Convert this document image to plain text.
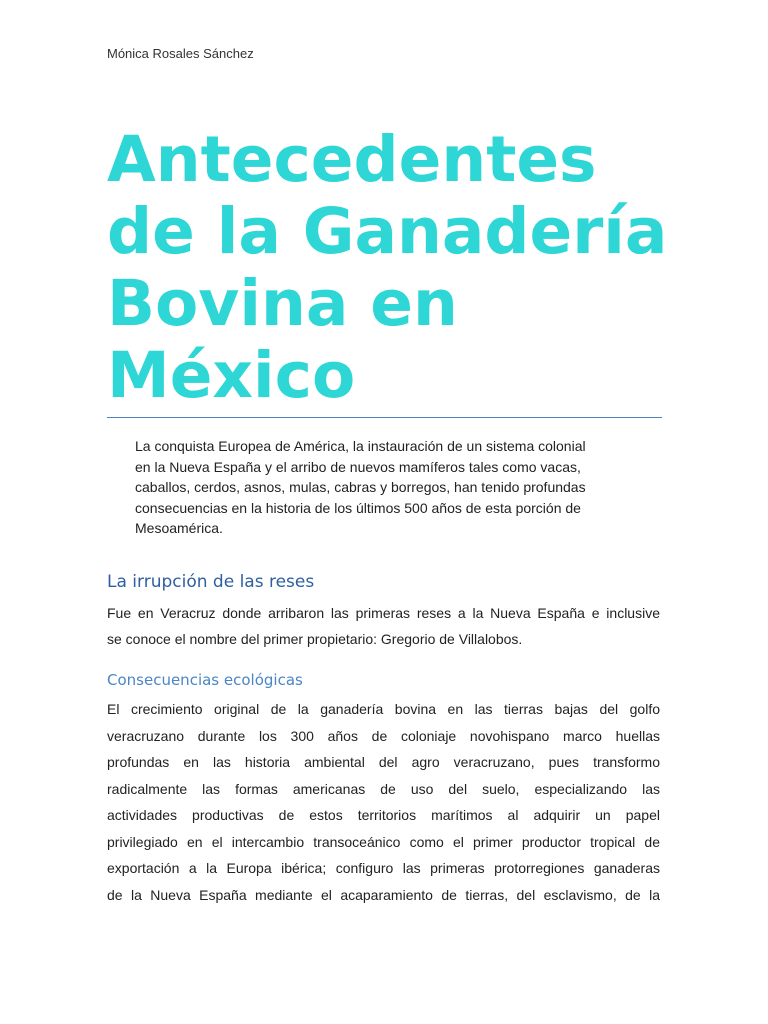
Mónica Rosales Sánchez
Antecedentes
de la Ganadería
Bovina en
México
La conquista Europea de América, la instauración de un sistema colonial
en la Nueva España y el arribo de nuevos mamíferos tales como vacas,
caballos, cerdos, asnos, mulas, cabras y borregos, han tenido profundas
consecuencias en la historia de los últimos 500 años de esta porción de
Mesoamérica.
La irrupción de las reses
Fue en Veracruz donde arribaron las primeras reses a la Nueva España e inclusive
se conoce el nombre del primer propietario: Gregorio de Villalobos.
Consecuencias ecológicas
El crecimiento original de la ganadería bovina en las tierras bajas del golfo
veracruzano durante los 300 años de coloniaje novohispano marco huellas
profundas en las historia ambiental del agro veracruzano, pues transformo
radicalmente las formas americanas de uso del suelo, especializando las
actividades productivas de estos territorios marítimos al adquirir un papel
privilegiado en el intercambio transoceánico como el primer productor tropical de
exportación a la Europa ibérica; configuro las primeras protorregiones ganaderas
de la Nueva España mediante el acaparamiento de tierras, del esclavismo, de la
